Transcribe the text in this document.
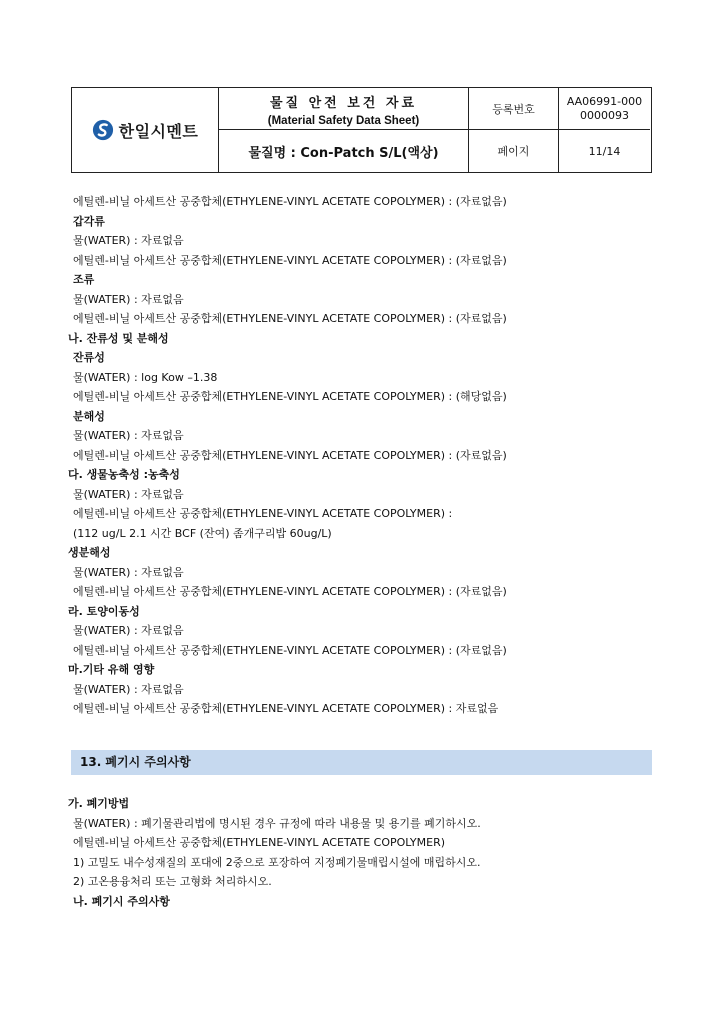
한일시멘트
물질 안전 보건 자료
(Material Safety Data Sheet)
물질명 : Con-Patch S/L(액상)
등록번호
AA06991-000
0000093
페이지	11/14
에틸렌-비닐 아세트산 공중합체(ETHYLENE-VINYL ACETATE COPOLYMER) : (자료없음)
갑각류
물(WATER) : 자료없음
에틸렌-비닐 아세트산 공중합체(ETHYLENE-VINYL ACETATE COPOLYMER) : (자료없음)
조류
물(WATER) : 자료없음
에틸렌-비닐 아세트산 공중합체(ETHYLENE-VINYL ACETATE COPOLYMER) : (자료없음)
나. 잔류성 및 분해성
잔류성
물(WATER) : log Kow –1.38
에틸렌-비닐 아세트산 공중합체(ETHYLENE-VINYL ACETATE COPOLYMER) : (해당없음)
분해성
물(WATER) : 자료없음
에틸렌-비닐 아세트산 공중합체(ETHYLENE-VINYL ACETATE COPOLYMER) : (자료없음)
다. 생물농축성 :농축성
물(WATER) : 자료없음
에틸렌-비닐 아세트산 공중합체(ETHYLENE-VINYL ACETATE COPOLYMER) :
(112 ug/L 2.1 시간 BCF (잔여) 좀개구리밥 60ug/L)
생분해성
물(WATER) : 자료없음
에틸렌-비닐 아세트산 공중합체(ETHYLENE-VINYL ACETATE COPOLYMER) : (자료없음)
라. 토양이동성
물(WATER) : 자료없음
에틸렌-비닐 아세트산 공중합체(ETHYLENE-VINYL ACETATE COPOLYMER) : (자료없음)
마.기타 유해 영향
물(WATER) : 자료없음
에틸렌-비닐 아세트산 공중합체(ETHYLENE-VINYL ACETATE COPOLYMER) : 자료없음
13. 폐기시 주의사항
가. 폐기방법
물(WATER) : 폐기물관리법에 명시된 경우 규정에 따라 내용물 및 용기를 폐기하시오.
에틸렌-비닐 아세트산 공중합체(ETHYLENE-VINYL ACETATE COPOLYMER)
1) 고밀도 내수성재질의 포대에 2중으로 포장하여 지정폐기물매립시설에 매립하시오.
2) 고온용융처리 또는 고형화 처리하시오.
나. 폐기시 주의사항
